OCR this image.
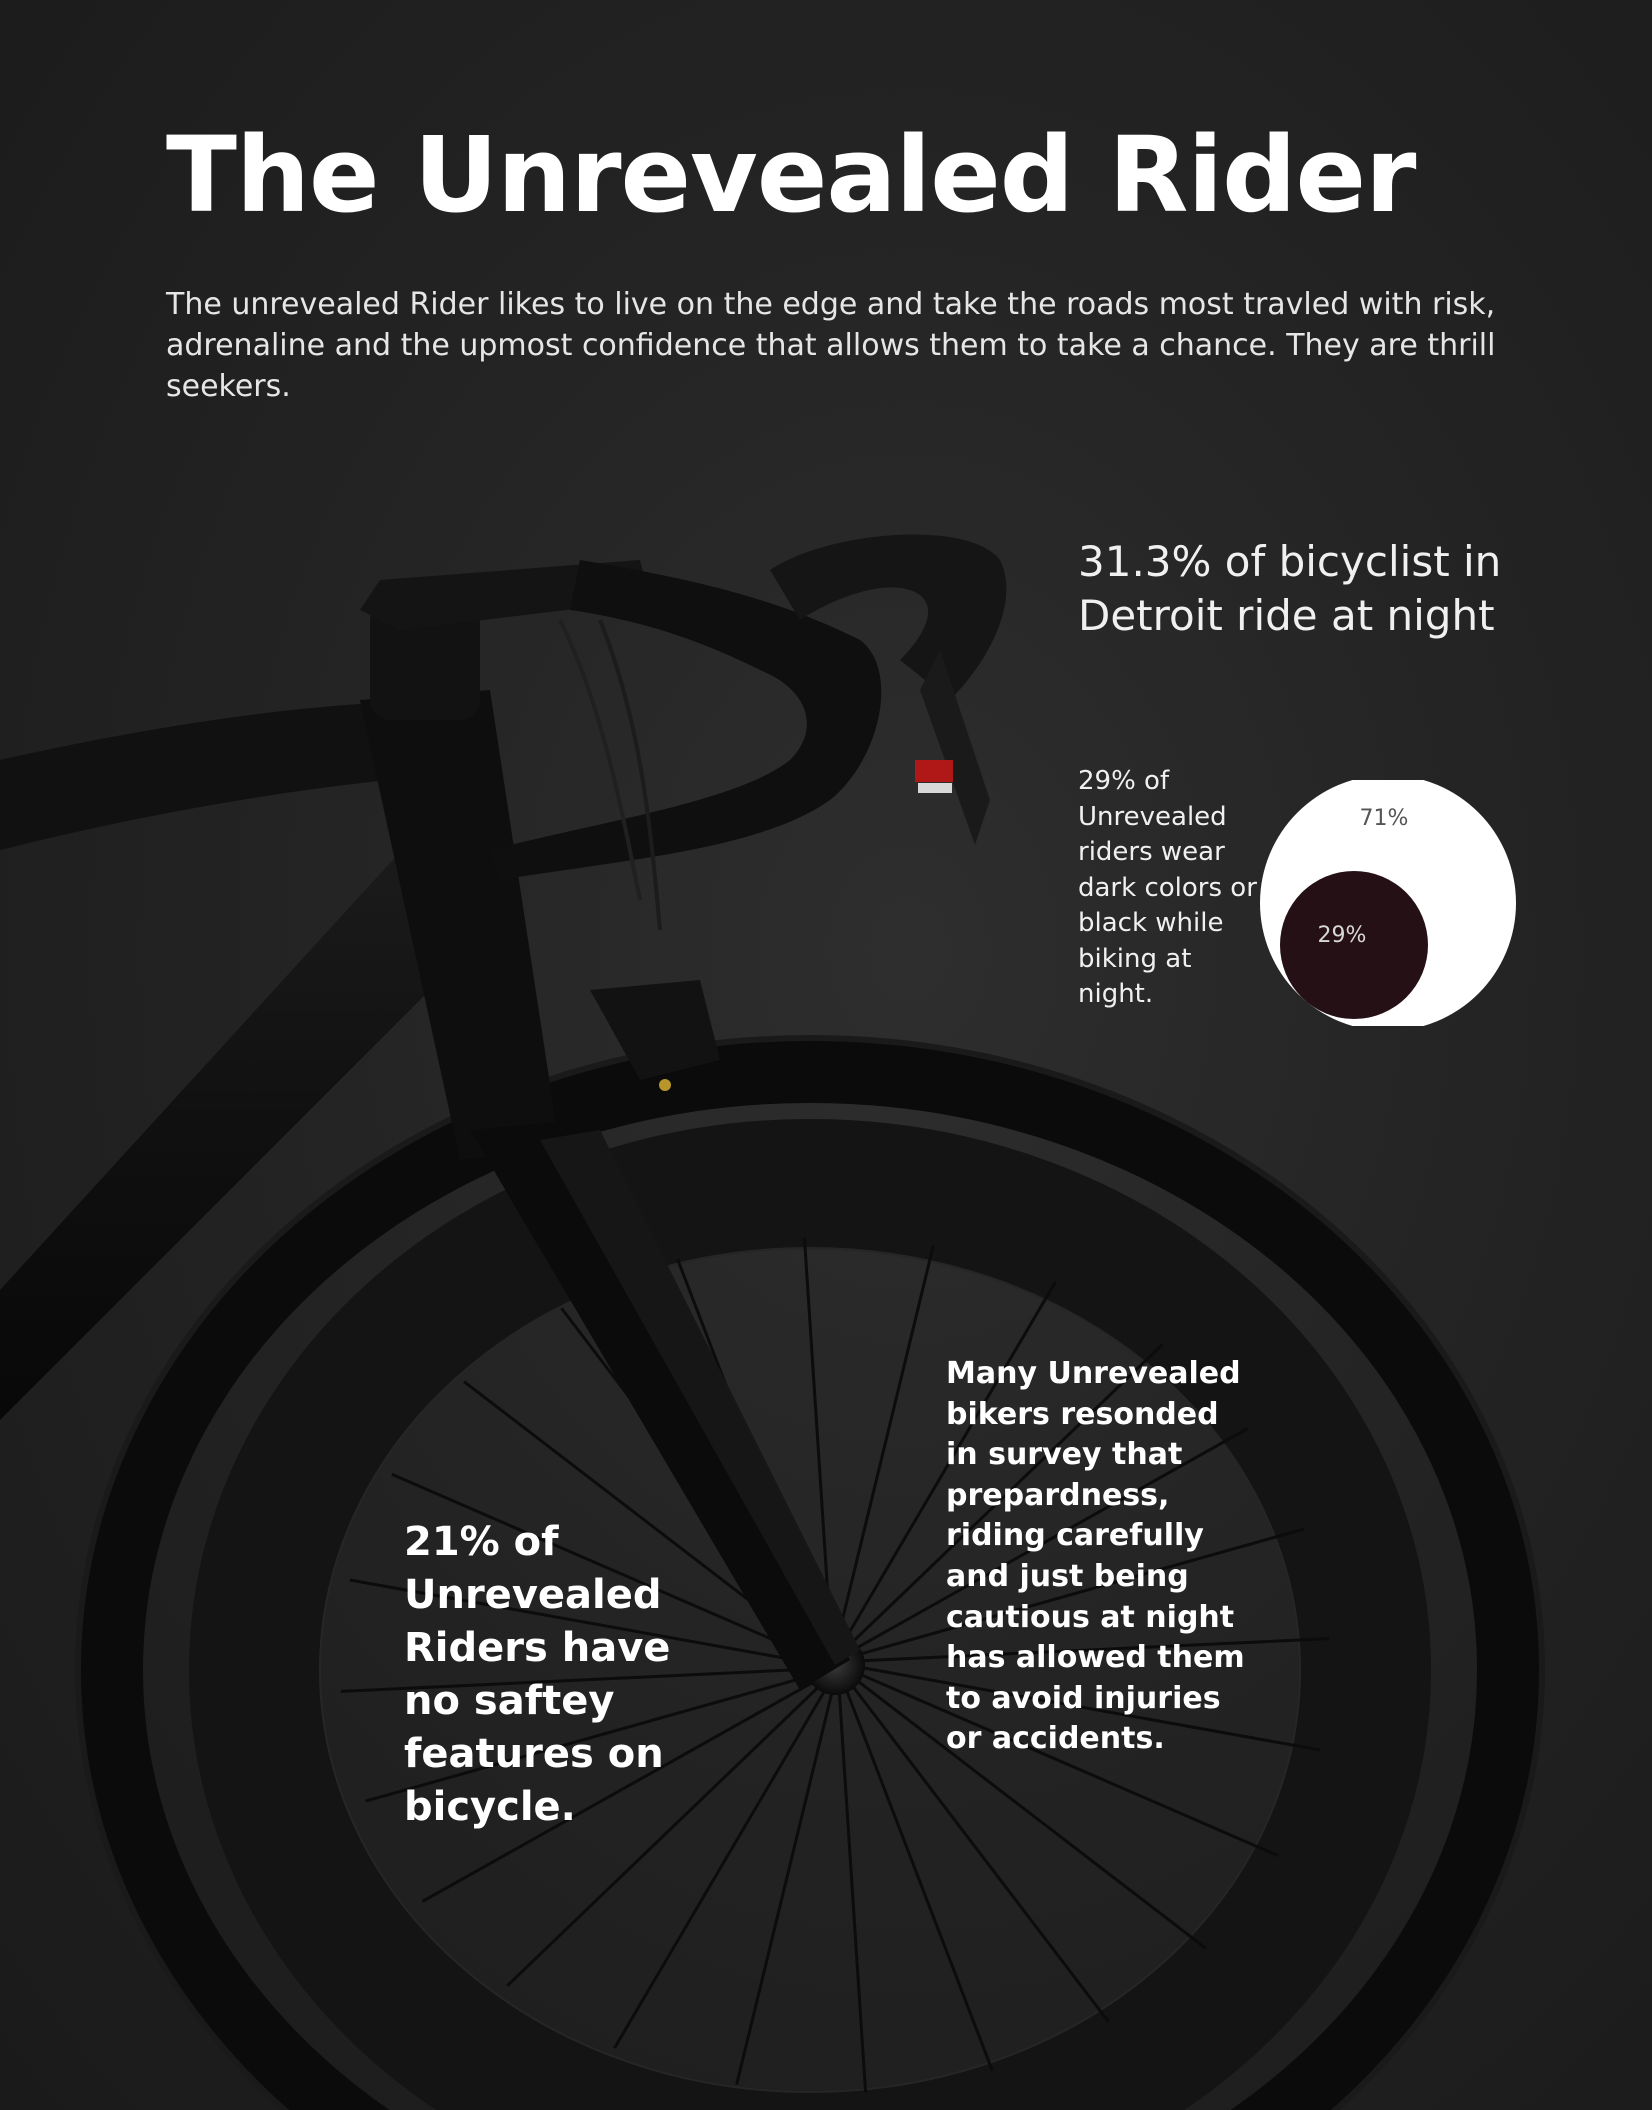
The Unrevealed Rider

The unrevealed Rider likes to live on the edge and take the roads most travled with risk, adrenaline and the upmost confidence that allows them to take a chance. They are thrill seekers.

31.3% of bicyclist in Detroit ride at night

29% of Unrevealed riders wear dark colors or black while biking at night.

71%
29%

21% of Unrevealed Riders have no saftey features on bicycle.

Many Unrevealed bikers resonded in survey that prepardness, riding carefully and just being cautious at night has allowed them to avoid injuries or accidents.
